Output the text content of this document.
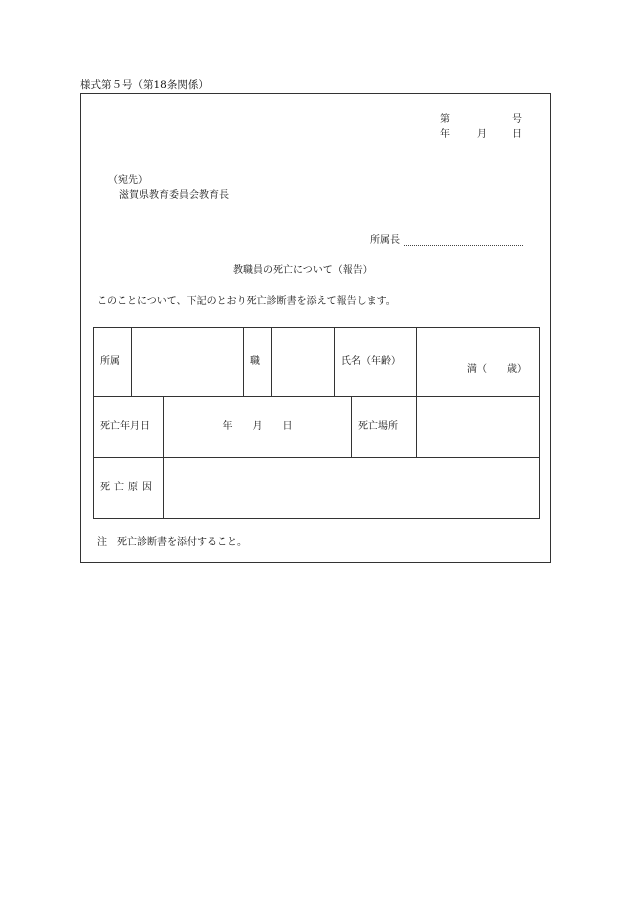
様式第５号（第18条関係）
第	号
年	月	日
（宛先）
滋賀県教育委員会教育長
所属長
教職員の死亡について（報告）
このことについて、下記のとおり死亡診断書を添えて報告します。
所属			職		氏名（年齢）		満（　　歳）
死亡年月日		年　　月　　日				死亡場所	
死亡原因							
注　死亡診断書を添付すること。
